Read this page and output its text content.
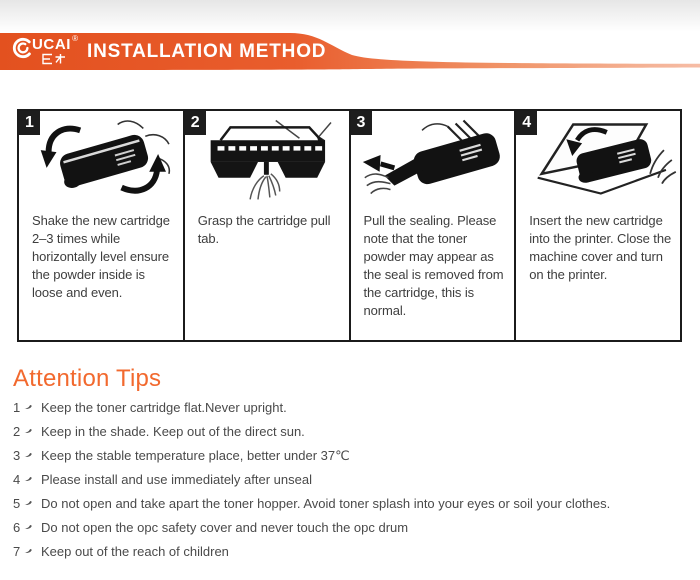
UCAI ®
INSTALLATION METHOD
1
Shake the new cartridge 2–3 times while horizontally level ensure the powder inside is loose and even.
2
Grasp the cartridge pull tab.
3
Pull the sealing. Please note that the toner powder may appear as the seal is removed from the cartridge, this is normal.
4
Insert the new cartridge into the printer. Close the machine cover and turn on the printer.
Attention Tips
1 Keep the toner cartridge flat.Never upright.
2 Keep in the shade. Keep out of the direct sun.
3 Keep the stable temperature place, better under 37℃
4 Please install and use immediately after unseal
5 Do not open and take apart the toner hopper. Avoid toner splash into your eyes or soil your clothes.
6 Do not open the opc safety cover and never touch the opc drum
7 Keep out of the reach of children
